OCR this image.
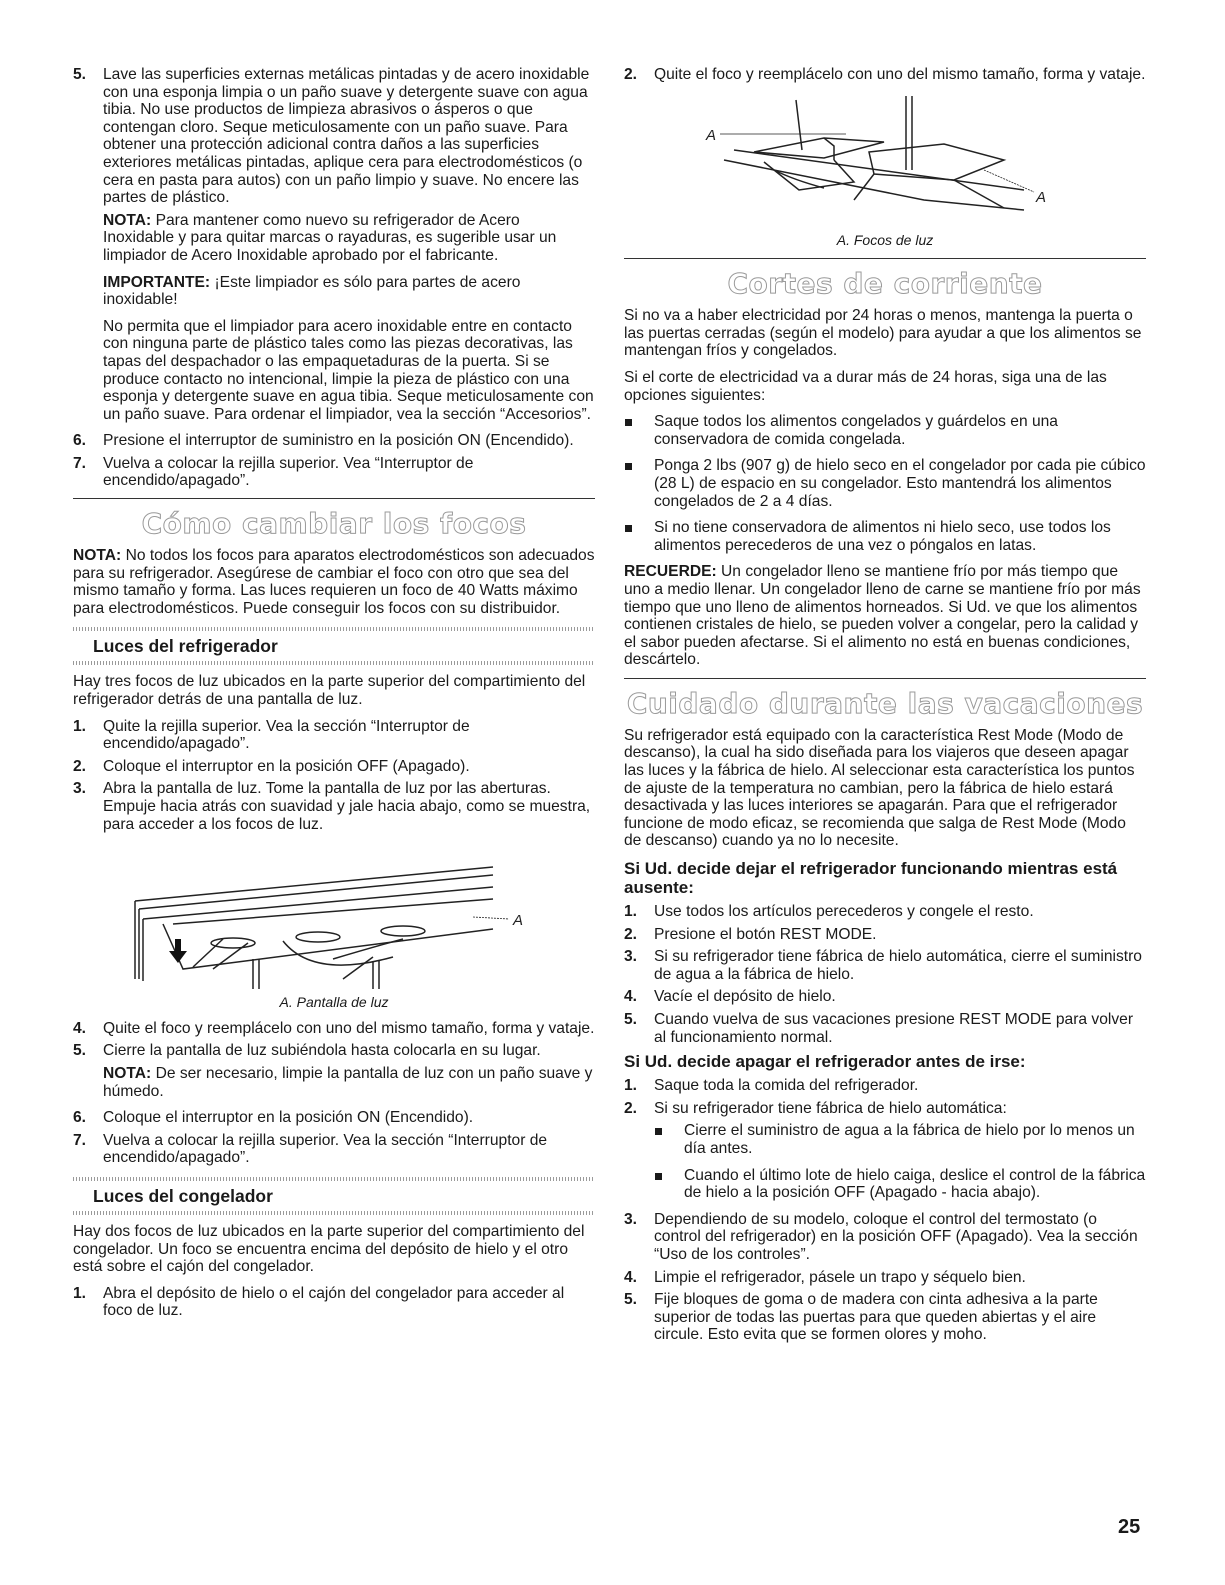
5. Lave las superficies externas metálicas pintadas y de acero inoxidable con una esponja limpia o un paño suave y detergente suave con agua tibia. No use productos de limpieza abrasivos o ásperos o que contengan cloro. Seque meticulosamente con un paño suave. Para obtener una protección adicional contra daños a las superficies exteriores metálicas pintadas, aplique cera para electrodomésticos (o cera en pasta para autos) con un paño limpio y suave. No encere las partes de plástico.

NOTA: Para mantener como nuevo su refrigerador de Acero Inoxidable y para quitar marcas o rayaduras, es sugerible usar un limpiador de Acero Inoxidable aprobado por el fabricante.

IMPORTANTE: ¡Este limpiador es sólo para partes de acero inoxidable!

No permita que el limpiador para acero inoxidable entre en contacto con ninguna parte de plástico tales como las piezas decorativas, las tapas del despachador o las empaquetaduras de la puerta. Si se produce contacto no intencional, limpie la pieza de plástico con una esponja y detergente suave en agua tibia. Seque meticulosamente con un paño suave. Para ordenar el limpiador, vea la sección “Accesorios”.

6. Presione el interruptor de suministro en la posición ON (Encendido).
7. Vuelva a colocar la rejilla superior. Vea “Interruptor de encendido/apagado”.
Cómo cambiar los focos

NOTA: No todos los focos para aparatos electrodomésticos son adecuados para su refrigerador. Asegúrese de cambiar el foco con otro que sea del mismo tamaño y forma. Las luces requieren un foco de 40 Watts máximo para electrodomésticos. Puede conseguir los focos con su distribuidor.

Luces del refrigerador

Hay tres focos de luz ubicados en la parte superior del compartimiento del refrigerador detrás de una pantalla de luz.

1. Quite la rejilla superior. Vea la sección “Interruptor de encendido/apagado”.
2. Coloque el interruptor en la posición OFF (Apagado).
3. Abra la pantalla de luz. Tome la pantalla de luz por las aberturas. Empuje hacia atrás con suavidad y jale hacia abajo, como se muestra, para acceder a los focos de luz.
A
A. Pantalla de luz
4. Quite el foco y reemplácelo con uno del mismo tamaño, forma y vataje.
5. Cierre la pantalla de luz subiéndola hasta colocarla en su lugar.

NOTA: De ser necesario, limpie la pantalla de luz con un paño suave y húmedo.

6. Coloque el interruptor en la posición ON (Encendido).
7. Vuelva a colocar la rejilla superior. Vea la sección “Interruptor de encendido/apagado”.
Luces del congelador

Hay dos focos de luz ubicados en la parte superior del compartimiento del congelador. Un foco se encuentra encima del depósito de hielo y el otro está sobre el cajón del congelador.

1. Abra el depósito de hielo o el cajón del congelador para acceder al foco de luz.
2. Quite el foco y reemplácelo con uno del mismo tamaño, forma y vataje.
A
A
A. Focos de luz
Cortes de corriente

Si no va a haber electricidad por 24 horas o menos, mantenga la puerta o las puertas cerradas (según el modelo) para ayudar a que los alimentos se mantengan fríos y congelados.

Si el corte de electricidad va a durar más de 24 horas, siga una de las opciones siguientes:

Saque todos los alimentos congelados y guárdelos en una conservadora de comida congelada.
Ponga 2 lbs (907 g) de hielo seco en el congelador por cada pie cúbico (28 L) de espacio en su congelador. Esto mantendrá los alimentos congelados de 2 a 4 días.
Si no tiene conservadora de alimentos ni hielo seco, use todos los alimentos perecederos de una vez o póngalos en latas.

RECUERDE: Un congelador lleno se mantiene frío por más tiempo que uno a medio llenar. Un congelador lleno de carne se mantiene frío por más tiempo que uno lleno de alimentos horneados. Si Ud. ve que los alimentos contienen cristales de hielo, se pueden volver a congelar, pero la calidad y el sabor pueden afectarse. Si el alimento no está en buenas condiciones, descártelo.

Cuidado durante las vacaciones

Su refrigerador está equipado con la característica Rest Mode (Modo de descanso), la cual ha sido diseñada para los viajeros que deseen apagar las luces y la fábrica de hielo. Al seleccionar esta característica los puntos de ajuste de la temperatura no cambian, pero la fábrica de hielo estará desactivada y las luces interiores se apagarán. Para que el refrigerador funcione de modo eficaz, se recomienda que salga de Rest Mode (Modo de descanso) cuando ya no lo necesite.

Si Ud. decide dejar el refrigerador funcionando mientras está ausente:
1. Use todos los artículos perecederos y congele el resto.
2. Presione el botón REST MODE.
3. Si su refrigerador tiene fábrica de hielo automática, cierre el suministro de agua a la fábrica de hielo.
4. Vacíe el depósito de hielo.
5. Cuando vuelva de sus vacaciones presione REST MODE para volver al funcionamiento normal.
Si Ud. decide apagar el refrigerador antes de irse:
1. Saque toda la comida del refrigerador.
2. Si su refrigerador tiene fábrica de hielo automática:
Cierre el suministro de agua a la fábrica de hielo por lo menos un día antes.
Cuando el último lote de hielo caiga, deslice el control de la fábrica de hielo a la posición OFF (Apagado - hacia abajo).
3. Dependiendo de su modelo, coloque el control del termostato (o control del refrigerador) en la posición OFF (Apagado). Vea la sección “Uso de los controles”.
4. Limpie el refrigerador, pásele un trapo y séquelo bien.
5. Fije bloques de goma o de madera con cinta adhesiva a la parte superior de todas las puertas para que queden abiertas y el aire circule. Esto evita que se formen olores y moho.
25
